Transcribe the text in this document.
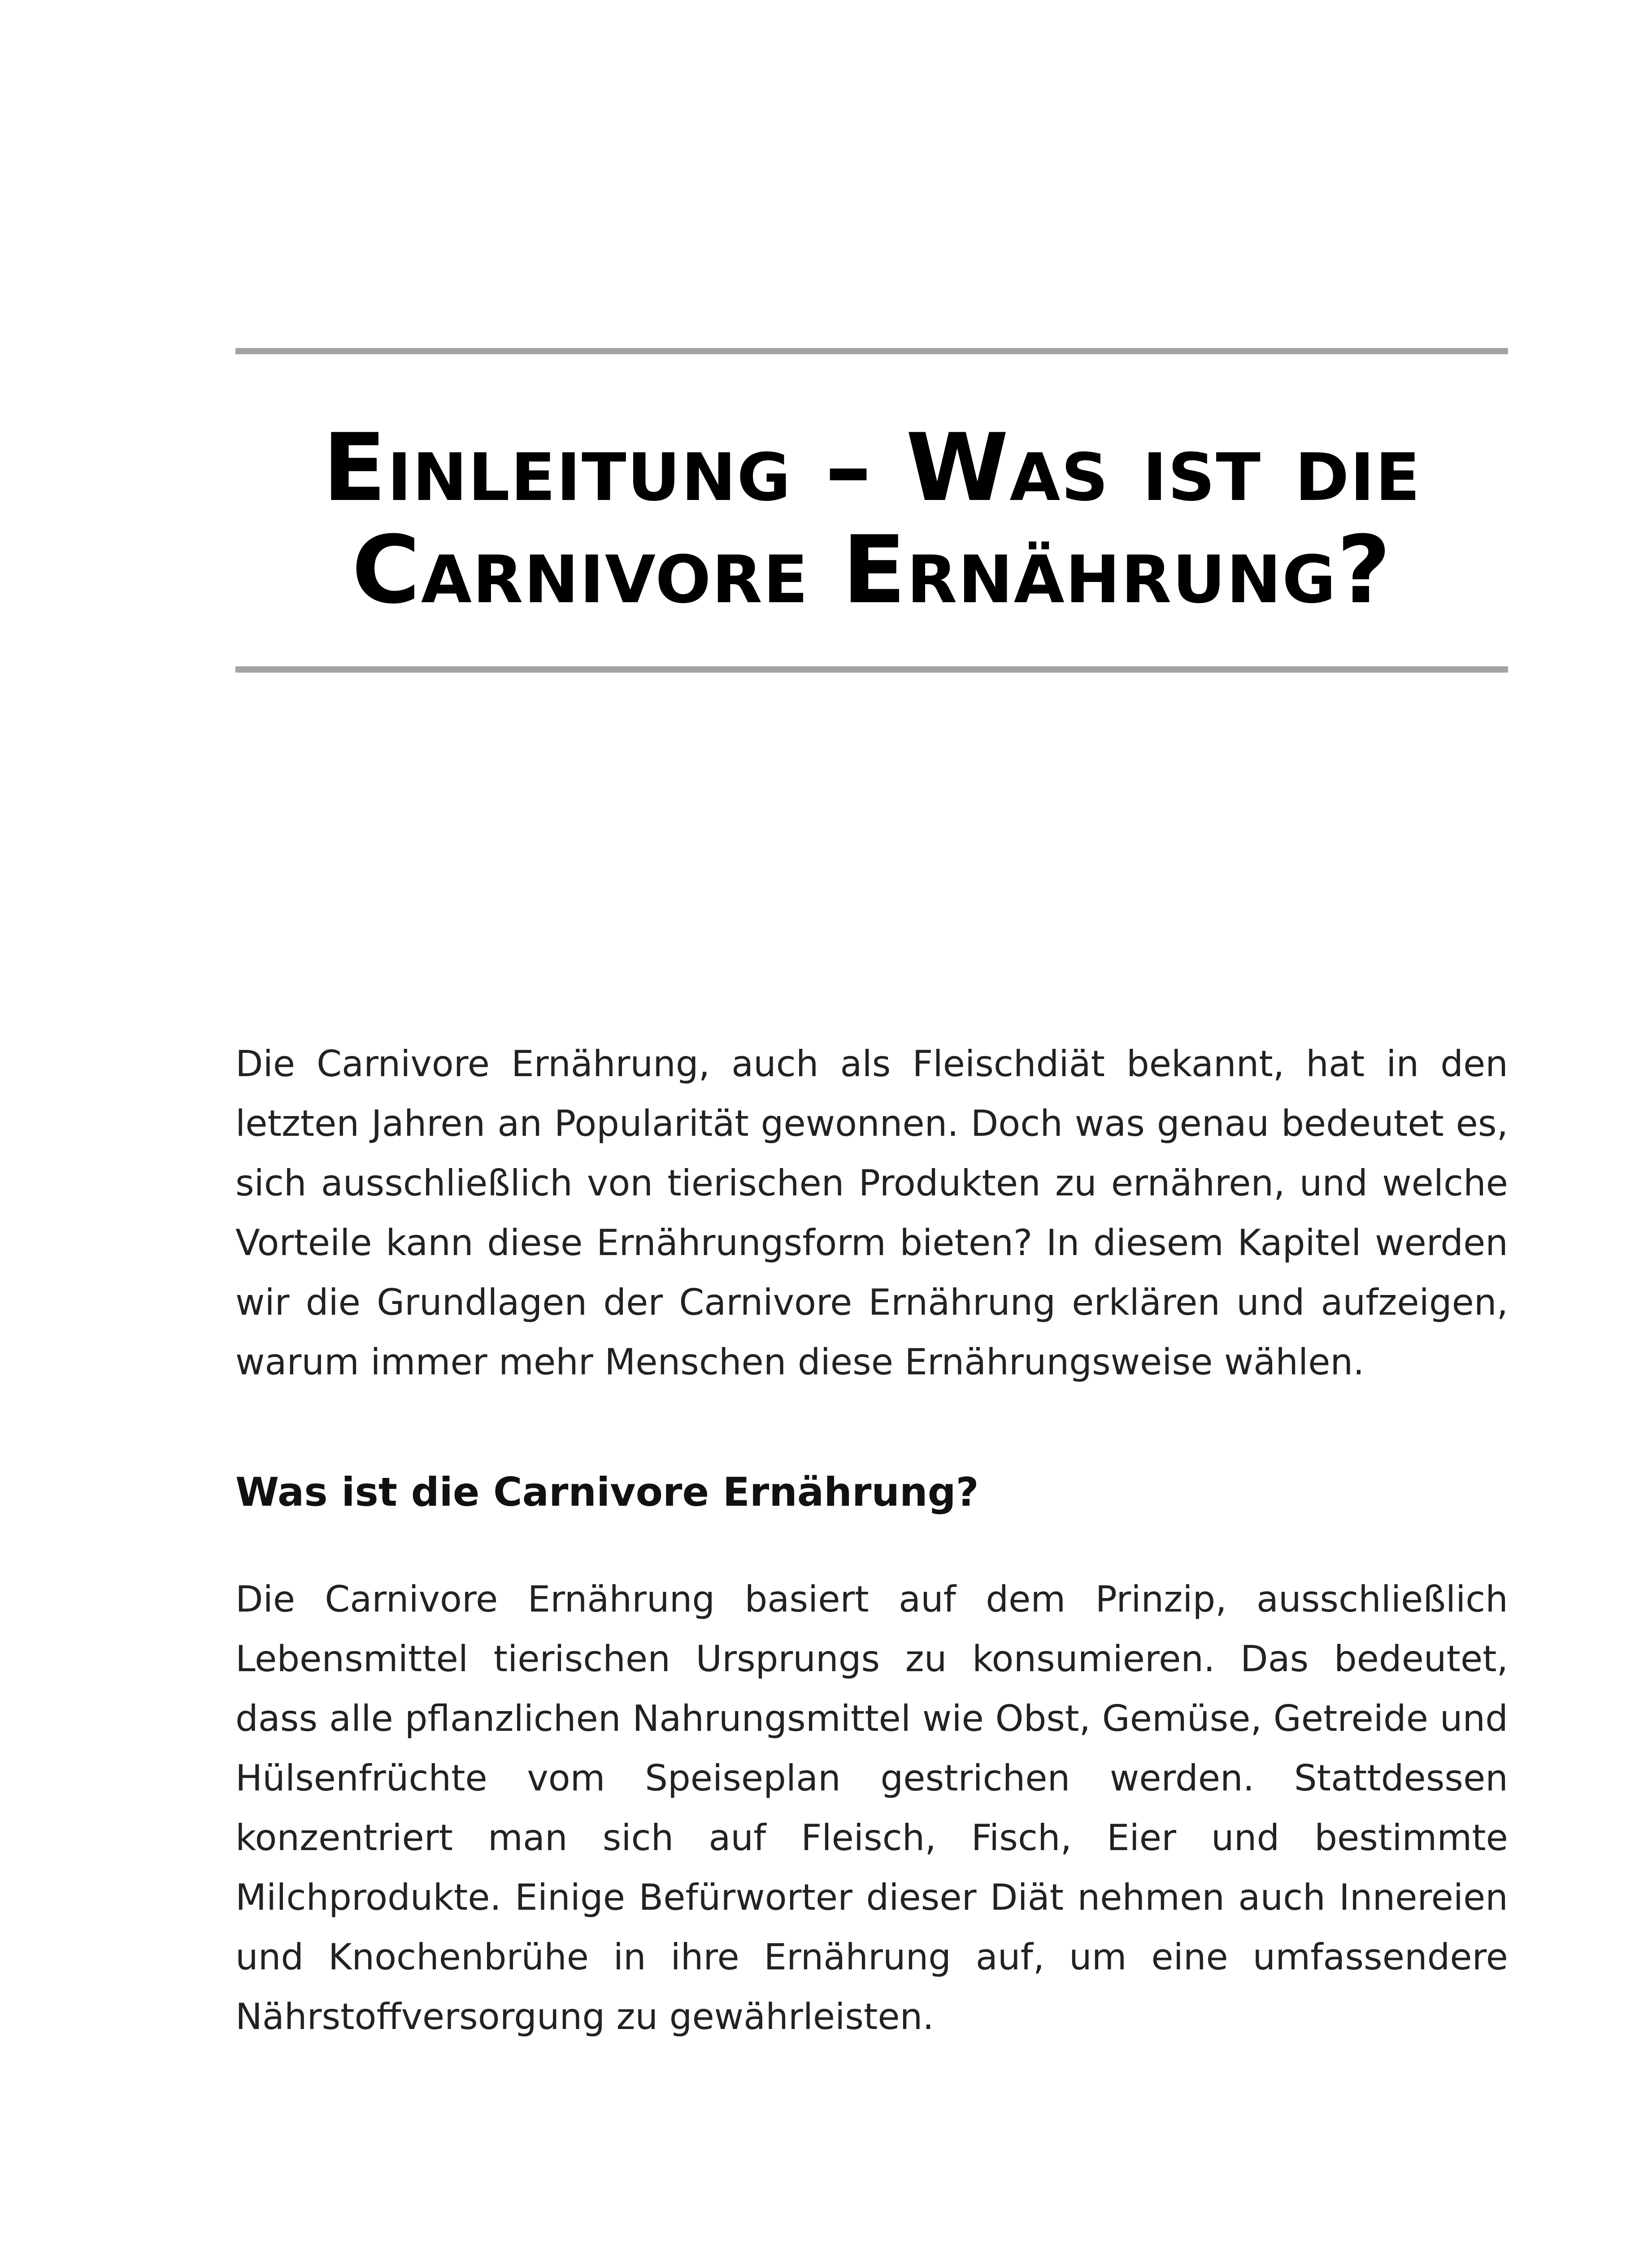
Einleitung – Was ist die
Carnivore Ernährung?

Die Carnivore Ernährung, auch als Fleischdiät bekannt, hat in den letzten Jahren an Popularität gewonnen. Doch was genau bedeutet es, sich ausschließlich von tierischen Produkten zu ernähren, und welche Vorteile kann diese Ernährungsform bieten? In diesem Kapitel werden wir die Grundlagen der Carnivore Ernährung erklären und aufzeigen, warum immer mehr Menschen diese Ernährungsweise wählen.

Was ist die Carnivore Ernährung?

Die Carnivore Ernährung basiert auf dem Prinzip, ausschließlich Lebensmittel tierischen Ursprungs zu konsumieren. Das bedeutet, dass alle pflanzlichen Nahrungsmittel wie Obst, Gemüse, Getreide und Hülsenfrüchte vom Speiseplan gestrichen werden. Stattdessen konzentriert man sich auf Fleisch, Fisch, Eier und bestimmte Milchprodukte. Einige Befürworter dieser Diät nehmen auch Innereien und Knochenbrühe in ihre Ernährung auf, um eine umfassendere Nährstoffversorgung zu gewährleisten.
